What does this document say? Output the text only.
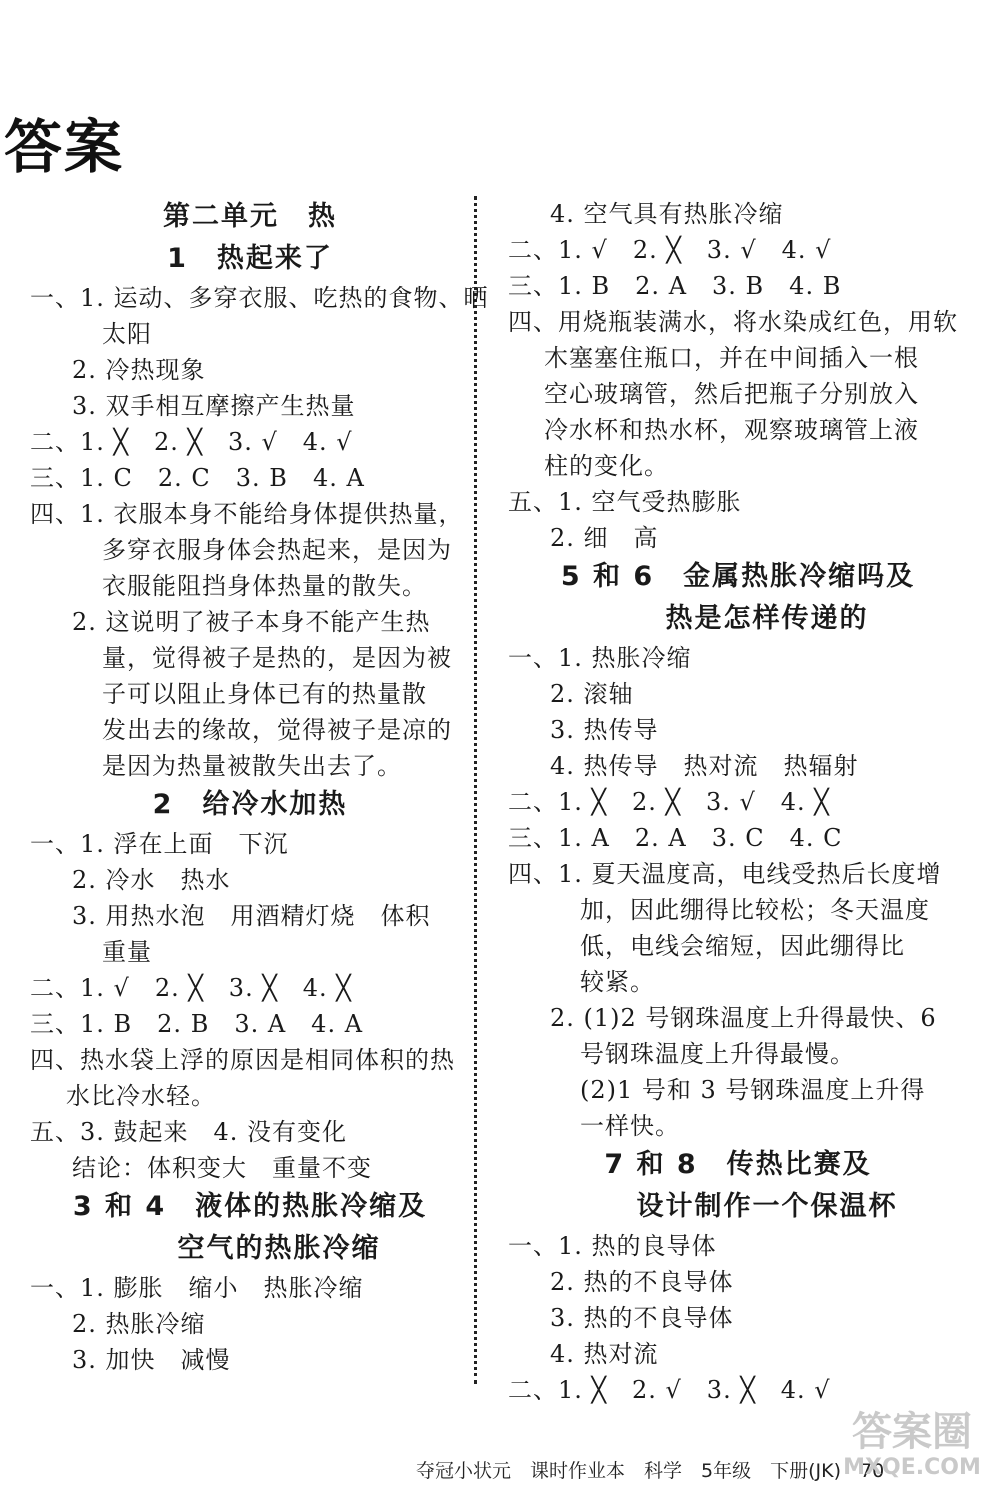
答案
第二单元　热
1　热起来了
一、1. 运动、多穿衣服、吃热的食物、晒
太阳
2. 冷热现象
3. 双手相互摩擦产生热量
二、1. ╳　2. ╳　3. √　4. √
三、1. C　2. C　3. B　4. A
四、1. 衣服本身不能给身体提供热量，
多穿衣服身体会热起来，是因为
衣服能阻挡身体热量的散失。
2. 这说明了被子本身不能产生热
量，觉得被子是热的，是因为被
子可以阻止身体已有的热量散
发出去的缘故，觉得被子是凉的
是因为热量被散失出去了。
2　给冷水加热
一、1. 浮在上面　下沉
2. 冷水　热水
3. 用热水泡　用酒精灯烧　体积
重量
二、1. √　2. ╳　3. ╳　4. ╳
三、1. B　2. B　3. A　4. A
四、热水袋上浮的原因是相同体积的热
水比冷水轻。
五、3. 鼓起来　4. 没有变化
结论：体积变大　重量不变
3 和 4　液体的热胀冷缩及
　　空气的热胀冷缩
一、1. 膨胀　缩小　热胀冷缩
2. 热胀冷缩
3. 加快　减慢
4. 空气具有热胀冷缩
二、1. √　2. ╳　3. √　4. √
三、1. B　2. A　3. B　4. B
四、用烧瓶装满水，将水染成红色，用软
木塞塞住瓶口，并在中间插入一根
空心玻璃管，然后把瓶子分别放入
冷水杯和热水杯，观察玻璃管上液
柱的变化。
五、1. 空气受热膨胀
2. 细　高
5 和 6　金属热胀冷缩吗及
　　热是怎样传递的
一、1. 热胀冷缩
2. 滚轴
3. 热传导
4. 热传导　热对流　热辐射
二、1. ╳　2. ╳　3. √　4. ╳
三、1. A　2. A　3. C　4. C
四、1. 夏天温度高，电线受热后长度增
加，因此绷得比较松；冬天温度
低，电线会缩短，因此绷得比
较紧。
2. (1)2 号钢珠温度上升得最快、6
号钢珠温度上升得最慢。
(2)1 号和 3 号钢珠温度上升得
一样快。
7 和 8　传热比赛及
　　设计制作一个保温杯
一、1. 热的良导体
2. 热的不良导体
3. 热的不良导体
4. 热对流
二、1. ╳　2. √　3. ╳　4. √
夺冠小状元　课时作业本　科学　5年级　下册(JK)　70
答案圈
MXQE.COM
